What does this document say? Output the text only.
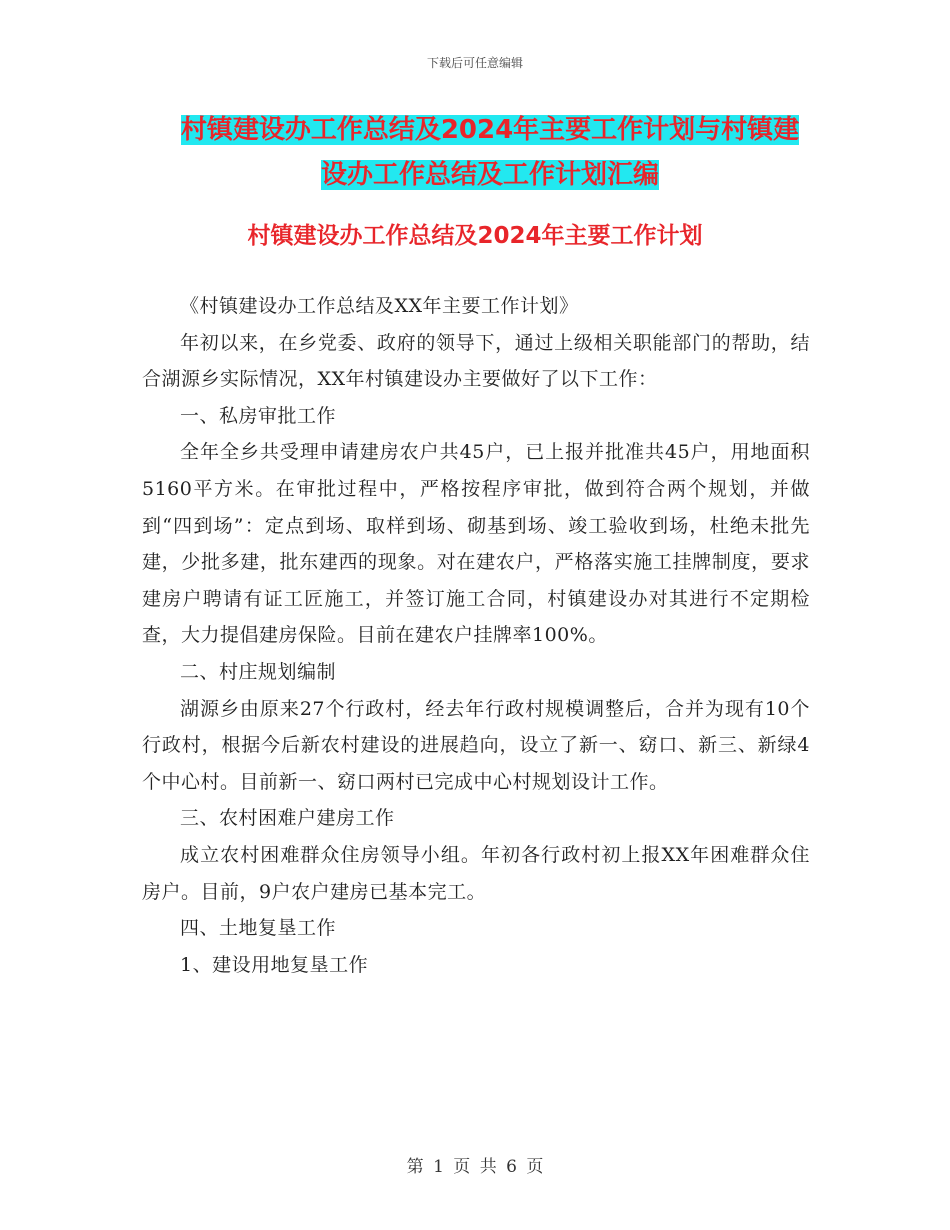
下载后可任意编辑
村镇建设办工作总结及2024年主要工作计划与村镇建
设办工作总结及工作计划汇编
村镇建设办工作总结及2024年主要工作计划

《村镇建设办工作总结及XX年主要工作计划》

年初以来，在乡党委、政府的领导下，通过上级相关职能部门的帮助，结合湖源乡实际情况，XX年村镇建设办主要做好了以下工作：

一、私房审批工作

全年全乡共受理申请建房农户共45户，已上报并批准共45户，用地面积5160平方米。在审批过程中，严格按程序审批，做到符合两个规划，并做到“四到场”：定点到场、取样到场、砌基到场、竣工验收到场，杜绝未批先建，少批多建，批东建西的现象。对在建农户，严格落实施工挂牌制度，要求建房户聘请有证工匠施工，并签订施工合同，村镇建设办对其进行不定期检查，大力提倡建房保险。目前在建农户挂牌率100%。

二、村庄规划编制

湖源乡由原来27个行政村，经去年行政村规模调整后，合并为现有10个行政村，根据今后新农村建设的进展趋向，设立了新一、窈口、新三、新绿4个中心村。目前新一、窈口两村已完成中心村规划设计工作。

三、农村困难户建房工作

成立农村困难群众住房领导小组。年初各行政村初上报XX年困难群众住房户。目前，9户农户建房已基本完工。

四、土地复垦工作

1、建设用地复垦工作

第 1 页 共 6 页
